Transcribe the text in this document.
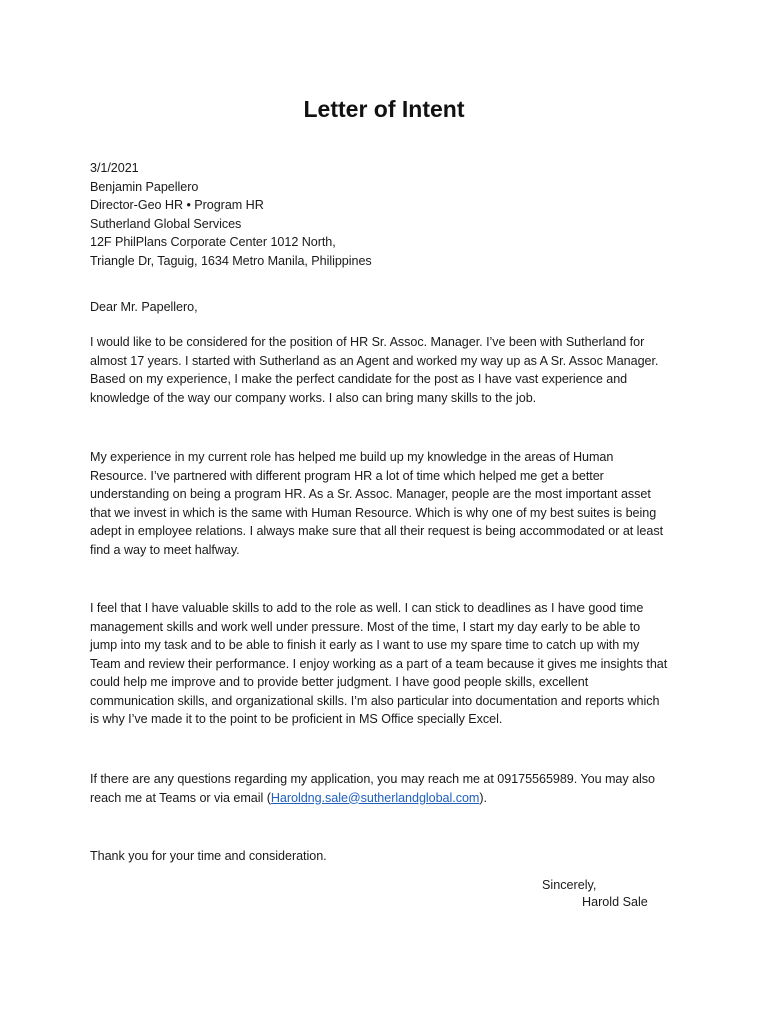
Letter of Intent
3/1/2021
Benjamin Papellero
Director-Geo HR • Program HR
Sutherland Global Services
12F PhilPlans Corporate Center 1012 North,
Triangle Dr, Taguig, 1634 Metro Manila, Philippines
Dear Mr. Papellero,
I would like to be considered for the position of HR Sr. Assoc. Manager. I’ve been with Sutherland for
almost 17 years. I started with Sutherland as an Agent and worked my way up as A Sr. Assoc Manager.
Based on my experience, I make the perfect candidate for the post as I have vast experience and
knowledge of the way our company works. I also can bring many skills to the job.
My experience in my current role has helped me build up my knowledge in the areas of Human
Resource. I’ve partnered with different program HR a lot of time which helped me get a better
understanding on being a program HR. As a Sr. Assoc. Manager, people are the most important asset
that we invest in which is the same with Human Resource. Which is why one of my best suites is being
adept in employee relations. I always make sure that all their request is being accommodated or at least
find a way to meet halfway.
I feel that I have valuable skills to add to the role as well. I can stick to deadlines as I have good time
management skills and work well under pressure. Most of the time, I start my day early to be able to
jump into my task and to be able to finish it early as I want to use my spare time to catch up with my
Team and review their performance. I enjoy working as a part of a team because it gives me insights that
could help me improve and to provide better judgment. I have good people skills, excellent
communication skills, and organizational skills. I’m also particular into documentation and reports which
is why I’ve made it to the point to be proficient in MS Office specially Excel.
If there are any questions regarding my application, you may reach me at 09175565989. You may also
reach me at Teams or via email (Haroldng.sale@sutherlandglobal.com).
Thank you for your time and consideration.
Sincerely,
Harold Sale
